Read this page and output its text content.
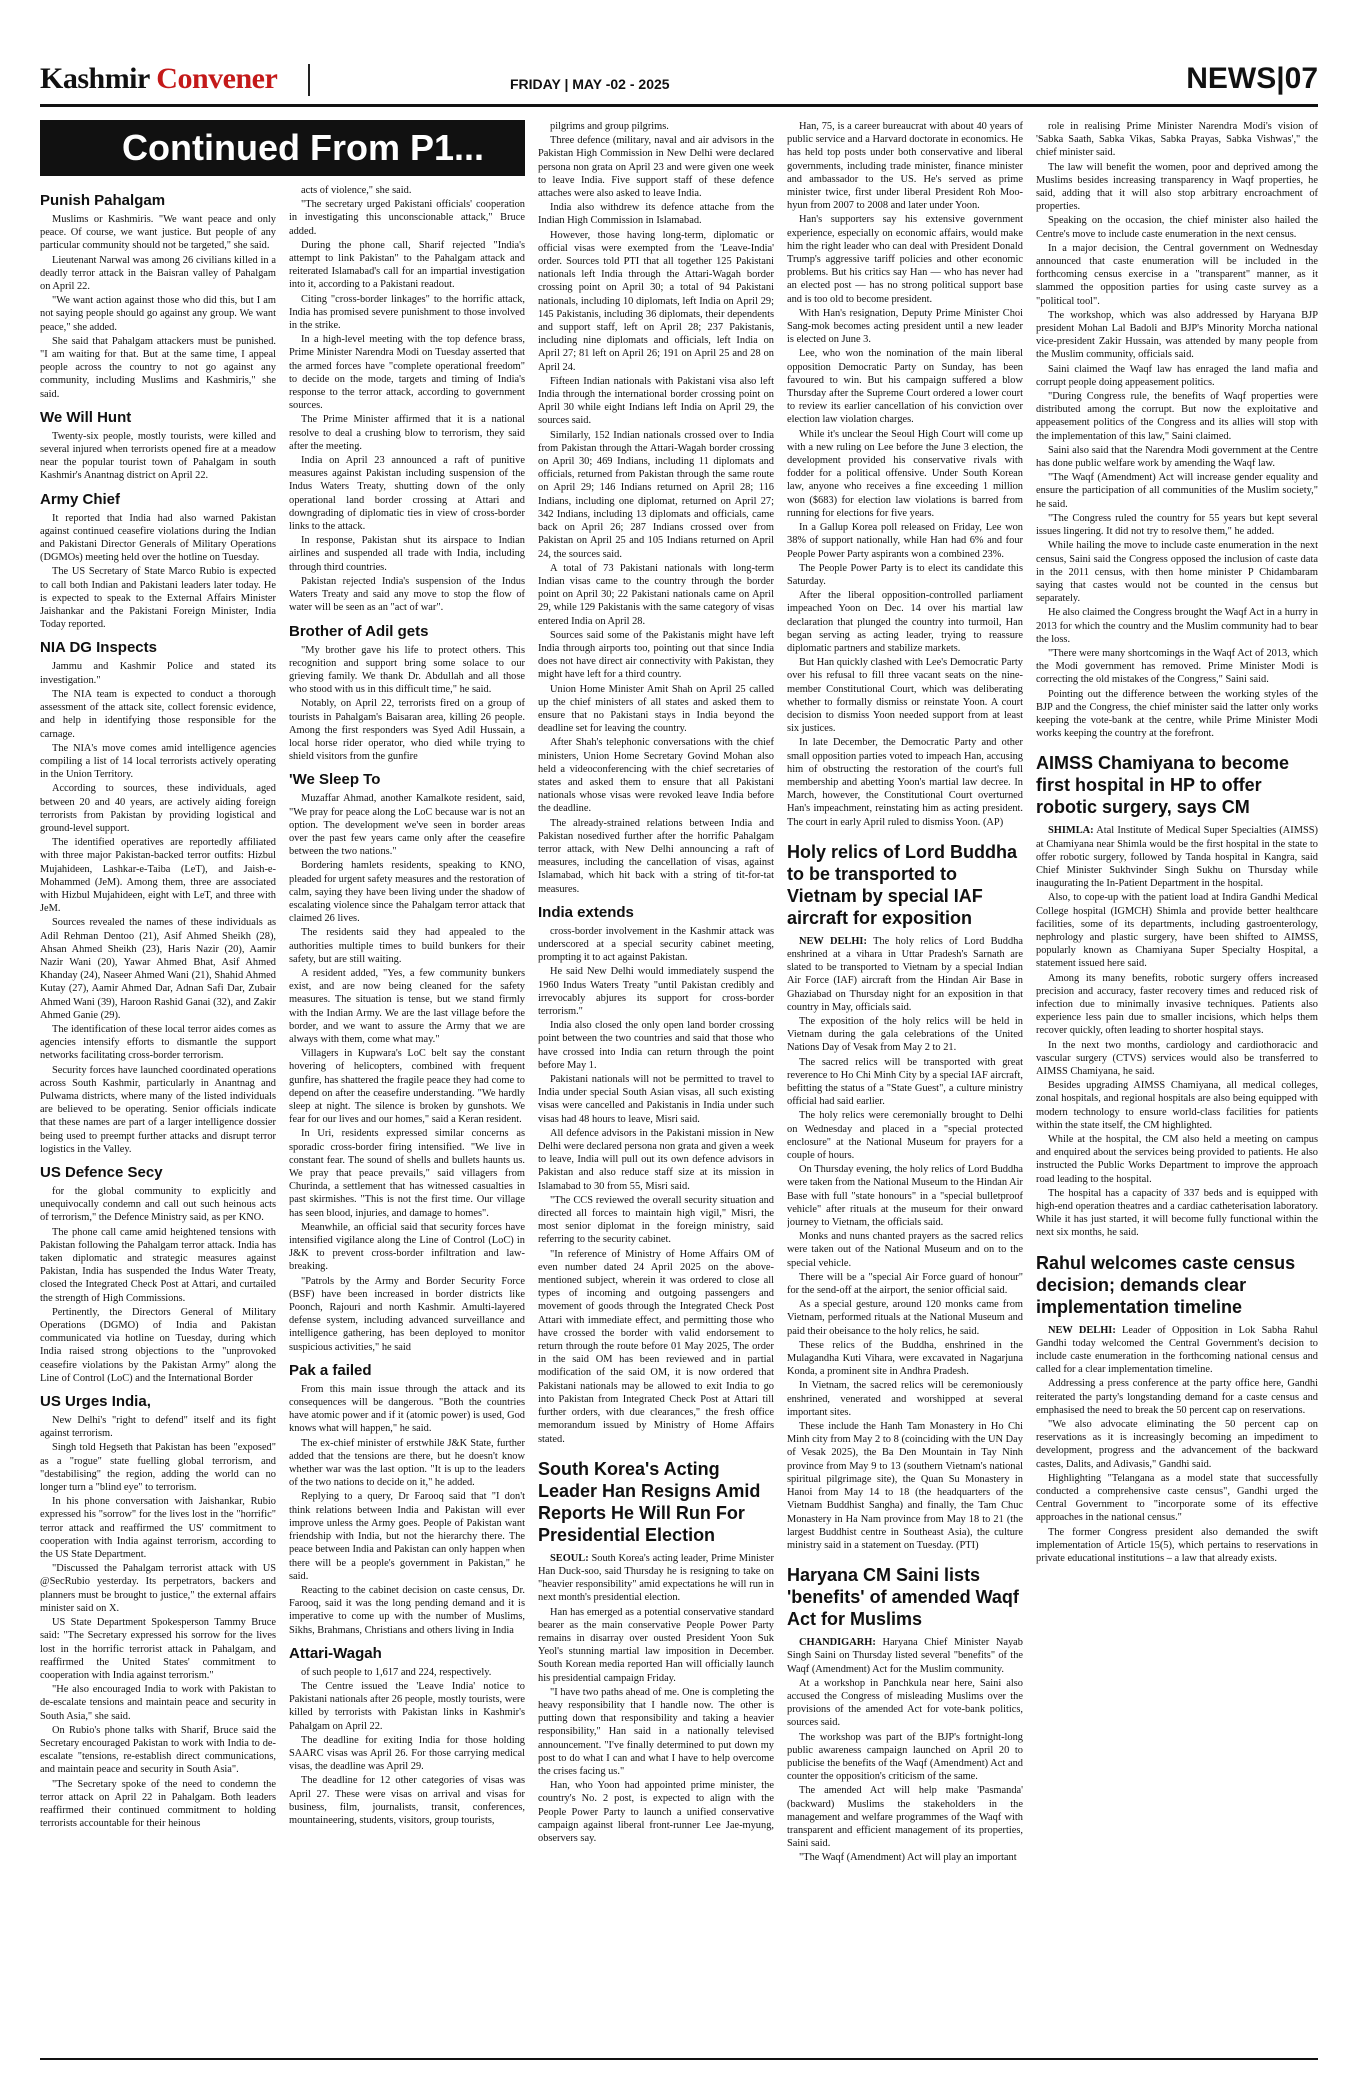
Kashmir Convener	FRIDAY | MAY -02 - 2025	NEWS|07
Continued From P1...
Punish Pahalgam

Muslims or Kashmiris. "We want peace and only peace. Of course, we want justice. But people of any particular community should not be targeted," she said.

Lieutenant Narwal was among 26 civilians killed in a deadly terror attack in the Baisran valley of Pahalgam on April 22.

"We want action against those who did this, but I am not saying people should go against any group. We want peace," she added.

She said that Pahalgam attackers must be punished. "I am waiting for that. But at the same time, I appeal people across the country to not go against any community, including Muslims and Kashmiris," she said.

We Will Hunt

Twenty-six people, mostly tourists, were killed and several injured when terrorists opened fire at a meadow near the popular tourist town of Pahalgam in south Kashmir's Anantnag district on April 22.

Army Chief

It reported that India had also warned Pakistan against continued ceasefire violations during the Indian and Pakistani Director Generals of Military Operations (DGMOs) meeting held over the hotline on Tuesday.

The US Secretary of State Marco Rubio is expected to call both Indian and Pakistani leaders later today. He is expected to speak to the External Affairs Minister Jaishankar and the Pakistani Foreign Minister, India Today reported.

NIA DG Inspects

Jammu and Kashmir Police and stated its investigation."

The NIA team is expected to conduct a thorough assessment of the attack site, collect forensic evidence, and help in identifying those responsible for the carnage.

The NIA's move comes amid intelligence agencies compiling a list of 14 local terrorists actively operating in the Union Territory.

According to sources, these individuals, aged between 20 and 40 years, are actively aiding foreign terrorists from Pakistan by providing logistical and ground-level support.

The identified operatives are reportedly affiliated with three major Pakistan-backed terror outfits: Hizbul Mujahideen, Lashkar-e-Taiba (LeT), and Jaish-e-Mohammed (JeM). Among them, three are associated with Hizbul Mujahideen, eight with LeT, and three with JeM.

Sources revealed the names of these individuals as Adil Rehman Dentoo (21), Asif Ahmed Sheikh (28), Ahsan Ahmed Sheikh (23), Haris Nazir (20), Aamir Nazir Wani (20), Yawar Ahmed Bhat, Asif Ahmed Khanday (24), Naseer Ahmed Wani (21), Shahid Ahmed Kutay (27), Aamir Ahmed Dar, Adnan Safi Dar, Zubair Ahmed Wani (39), Haroon Rashid Ganai (32), and Zakir Ahmed Ganie (29).

The identification of these local terror aides comes as agencies intensify efforts to dismantle the support networks facilitating cross-border terrorism.

Security forces have launched coordinated operations across South Kashmir, particularly in Anantnag and Pulwama districts, where many of the listed individuals are believed to be operating. Senior officials indicate that these names are part of a larger intelligence dossier being used to preempt further attacks and disrupt terror logistics in the Valley.

US Defence Secy

for the global community to explicitly and unequivocally condemn and call out such heinous acts of terrorism," the Defence Ministry said, as per KNO.

The phone call came amid heightened tensions with Pakistan following the Pahalgam terror attack. India has taken diplomatic and strategic measures against Pakistan, India has suspended the Indus Water Treaty, closed the Integrated Check Post at Attari, and curtailed the strength of High Commissions.

Pertinently, the Directors General of Military Operations (DGMO) of India and Pakistan communicated via hotline on Tuesday, during which India raised strong objections to the "unprovoked ceasefire violations by the Pakistan Army" along the Line of Control (LoC) and the International Border

US Urges India,

New Delhi's "right to defend" itself and its fight against terrorism.

Singh told Hegseth that Pakistan has been "exposed" as a "rogue" state fuelling global terrorism, and "destabilising" the region, adding the world can no longer turn a "blind eye" to terrorism.

In his phone conversation with Jaishankar, Rubio expressed his "sorrow" for the lives lost in the "horrific" terror attack and reaffirmed the US' commitment to cooperation with India against terrorism, according to the US State Department.

"Discussed the Pahalgam terrorist attack with US @SecRubio yesterday. Its perpetrators, backers and planners must be brought to justice," the external affairs minister said on X.

US State Department Spokesperson Tammy Bruce said: "The Secretary expressed his sorrow for the lives lost in the horrific terrorist attack in Pahalgam, and reaffirmed the United States' commitment to cooperation with India against terrorism."

"He also encouraged India to work with Pakistan to de-escalate tensions and maintain peace and security in South Asia," she said.

On Rubio's phone talks with Sharif, Bruce said the Secretary encouraged Pakistan to work with India to de-escalate "tensions, re-establish direct communications, and maintain peace and security in South Asia".

"The Secretary spoke of the need to condemn the terror attack on April 22 in Pahalgam. Both leaders reaffirmed their continued commitment to holding terrorists accountable for their heinous

acts of violence," she said.

"The secretary urged Pakistani officials' cooperation in investigating this unconscionable attack," Bruce added.

During the phone call, Sharif rejected "India's attempt to link Pakistan" to the Pahalgam attack and reiterated Islamabad's call for an impartial investigation into it, according to a Pakistani readout.

Citing "cross-border linkages" to the horrific attack, India has promised severe punishment to those involved in the strike.

In a high-level meeting with the top defence brass, Prime Minister Narendra Modi on Tuesday asserted that the armed forces have "complete operational freedom" to decide on the mode, targets and timing of India's response to the terror attack, according to government sources.

The Prime Minister affirmed that it is a national resolve to deal a crushing blow to terrorism, they said after the meeting.

India on April 23 announced a raft of punitive measures against Pakistan including suspension of the Indus Waters Treaty, shutting down of the only operational land border crossing at Attari and downgrading of diplomatic ties in view of cross-border links to the attack.

In response, Pakistan shut its airspace to Indian airlines and suspended all trade with India, including through third countries.

Pakistan rejected India's suspension of the Indus Waters Treaty and said any move to stop the flow of water will be seen as an "act of war".

Brother of Adil gets

"My brother gave his life to protect others. This recognition and support bring some solace to our grieving family. We thank Dr. Abdullah and all those who stood with us in this difficult time," he said.

Notably, on April 22, terrorists fired on a group of tourists in Pahalgam's Baisaran area, killing 26 people. Among the first responders was Syed Adil Hussain, a local horse rider operator, who died while trying to shield visitors from the gunfire

'We Sleep To

Muzaffar Ahmad, another Kamalkote resident, said, "We pray for peace along the LoC because war is not an option. The development we've seen in border areas over the past few years came only after the ceasefire between the two nations."

Bordering hamlets residents, speaking to KNO, pleaded for urgent safety measures and the restoration of calm, saying they have been living under the shadow of escalating violence since the Pahalgam terror attack that claimed 26 lives.

The residents said they had appealed to the authorities multiple times to build bunkers for their safety, but are still waiting.

A resident added, "Yes, a few community bunkers exist, and are now being cleaned for the safety measures. The situation is tense, but we stand firmly with the Indian Army. We are the last village before the border, and we want to assure the Army that we are always with them, come what may."

Villagers in Kupwara's LoC belt say the constant hovering of helicopters, combined with frequent gunfire, has shattered the fragile peace they had come to depend on after the ceasefire understanding. "We hardly sleep at night. The silence is broken by gunshots. We fear for our lives and our homes," said a Keran resident.

In Uri, residents expressed similar concerns as sporadic cross-border firing intensified. "We live in constant fear. The sound of shells and bullets haunts us. We pray that peace prevails," said villagers from Churinda, a settlement that has witnessed casualties in past skirmishes. "This is not the first time. Our village has seen blood, injuries, and damage to homes".

Meanwhile, an official said that security forces have intensified vigilance along the Line of Control (LoC) in J&K to prevent cross-border infiltration and law-breaking.

"Patrols by the Army and Border Security Force (BSF) have been increased in border districts like Poonch, Rajouri and north Kashmir. Amulti-layered defense system, including advanced surveillance and intelligence gathering, has been deployed to monitor suspicious activities," he said

Pak a failed

From this main issue through the attack and its consequences will be dangerous. "Both the countries have atomic power and if it (atomic power) is used, God knows what will happen," he said.

The ex-chief minister of erstwhile J&K State, further added that the tensions are there, but he doesn't know whether war was the last option. "It is up to the leaders of the two nations to decide on it," he added.

Replying to a query, Dr Farooq said that "I don't think relations between India and Pakistan will ever improve unless the Army goes. People of Pakistan want friendship with India, but not the hierarchy there. The peace between India and Pakistan can only happen when there will be a people's government in Pakistan," he said.

Reacting to the cabinet decision on caste census, Dr. Farooq, said it was the long pending demand and it is imperative to come up with the number of Muslims, Sikhs, Brahmans, Christians and others living in India

Attari-Wagah

of such people to 1,617 and 224, respectively.

The Centre issued the 'Leave India' notice to Pakistani nationals after 26 people, mostly tourists, were killed by terrorists with Pakistan links in Kashmir's Pahalgam on April 22.

The deadline for exiting India for those holding SAARC visas was April 26. For those carrying medical visas, the deadline was April 29.

The deadline for 12 other categories of visas was April 27. These were visas on arrival and visas for business, film, journalists, transit, conferences, mountaineering, students, visitors, group tourists,

pilgrims and group pilgrims.

Three defence (military, naval and air advisors in the Pakistan High Commission in New Delhi were declared persona non grata on April 23 and were given one week to leave India. Five support staff of these defence attaches were also asked to leave India.

India also withdrew its defence attache from the Indian High Commission in Islamabad.

However, those having long-term, diplomatic or official visas were exempted from the 'Leave-India' order. Sources told PTI that all together 125 Pakistani nationals left India through the Attari-Wagah border crossing point on April 30; a total of 94 Pakistani nationals, including 10 diplomats, left India on April 29; 145 Pakistanis, including 36 diplomats, their dependents and support staff, left on April 28; 237 Pakistanis, including nine diplomats and officials, left India on April 27; 81 left on April 26; 191 on April 25 and 28 on April 24.

Fifteen Indian nationals with Pakistani visa also left India through the international border crossing point on April 30 while eight Indians left India on April 29, the sources said.

Similarly, 152 Indian nationals crossed over to India from Pakistan through the Attari-Wagah border crossing on April 30; 469 Indians, including 11 diplomats and officials, returned from Pakistan through the same route on April 29; 146 Indians returned on April 28; 116 Indians, including one diplomat, returned on April 27; 342 Indians, including 13 diplomats and officials, came back on April 26; 287 Indians crossed over from Pakistan on April 25 and 105 Indians returned on April 24, the sources said.

A total of 73 Pakistani nationals with long-term Indian visas came to the country through the border point on April 30; 22 Pakistani nationals came on April 29, while 129 Pakistanis with the same category of visas entered India on April 28.

Sources said some of the Pakistanis might have left India through airports too, pointing out that since India does not have direct air connectivity with Pakistan, they might have left for a third country.

Union Home Minister Amit Shah on April 25 called up the chief ministers of all states and asked them to ensure that no Pakistani stays in India beyond the deadline set for leaving the country.

After Shah's telephonic conversations with the chief ministers, Union Home Secretary Govind Mohan also held a videoconferencing with the chief secretaries of states and asked them to ensure that all Pakistani nationals whose visas were revoked leave India before the deadline.

The already-strained relations between India and Pakistan nosedived further after the horrific Pahalgam terror attack, with New Delhi announcing a raft of measures, including the cancellation of visas, against Islamabad, which hit back with a string of tit-for-tat measures.

India extends

cross-border involvement in the Kashmir attack was underscored at a special security cabinet meeting, prompting it to act against Pakistan.

He said New Delhi would immediately suspend the 1960 Indus Waters Treaty "until Pakistan credibly and irrevocably abjures its support for cross-border terrorism."

India also closed the only open land border crossing point between the two countries and said that those who have crossed into India can return through the point before May 1.

Pakistani nationals will not be permitted to travel to India under special South Asian visas, all such existing visas were cancelled and Pakistanis in India under such visas had 48 hours to leave, Misri said.

All defence advisors in the Pakistani mission in New Delhi were declared persona non grata and given a week to leave, India will pull out its own defence advisors in Pakistan and also reduce staff size at its mission in Islamabad to 30 from 55, Misri said.

"The CCS reviewed the overall security situation and directed all forces to maintain high vigil," Misri, the most senior diplomat in the foreign ministry, said referring to the security cabinet.

"In reference of Ministry of Home Affairs OM of even number dated 24 April 2025 on the above-mentioned subject, wherein it was ordered to close all types of incoming and outgoing passengers and movement of goods through the Integrated Check Post Attari with immediate effect, and permitting those who have crossed the border with valid endorsement to return through the route before 01 May 2025, The order in the said OM has been reviewed and in partial modification of the said OM, it is now ordered that Pakistani nationals may be allowed to exit India to go into Pakistan from Integrated Check Post at Attari till further orders, with due clearances," the fresh office memorandum issued by Ministry of Home Affairs stated.

South Korea's Acting Leader Han Resigns Amid Reports He Will Run For Presidential Election

SEOUL: South Korea's acting leader, Prime Minister Han Duck-soo, said Thursday he is resigning to take on "heavier responsibility" amid expectations he will run in next month's presidential election.

Han has emerged as a potential conservative standard bearer as the main conservative People Power Party remains in disarray over ousted President Yoon Suk Yeol's stunning martial law imposition in December. South Korean media reported Han will officially launch his presidential campaign Friday.

"I have two paths ahead of me. One is completing the heavy responsibility that I handle now. The other is putting down that responsibility and taking a heavier responsibility," Han said in a nationally televised announcement. "I've finally determined to put down my post to do what I can and what I have to help overcome the crises facing us."

Han, who Yoon had appointed prime minister, the country's No. 2 post, is expected to align with the People Power Party to launch a unified conservative campaign against liberal front-runner Lee Jae-myung, observers say.

Han, 75, is a career bureaucrat with about 40 years of public service and a Harvard doctorate in economics. He has held top posts under both conservative and liberal governments, including trade minister, finance minister and ambassador to the US. He's served as prime minister twice, first under liberal President Roh Moo-hyun from 2007 to 2008 and later under Yoon.

Han's supporters say his extensive government experience, especially on economic affairs, would make him the right leader who can deal with President Donald Trump's aggressive tariff policies and other economic problems. But his critics say Han — who has never had an elected post — has no strong political support base and is too old to become president.

With Han's resignation, Deputy Prime Minister Choi Sang-mok becomes acting president until a new leader is elected on June 3.

Lee, who won the nomination of the main liberal opposition Democratic Party on Sunday, has been favoured to win. But his campaign suffered a blow Thursday after the Supreme Court ordered a lower court to review its earlier cancellation of his conviction over election law violation charges.

While it's unclear the Seoul High Court will come up with a new ruling on Lee before the June 3 election, the development provided his conservative rivals with fodder for a political offensive. Under South Korean law, anyone who receives a fine exceeding 1 million won ($683) for election law violations is barred from running for elections for five years.

In a Gallup Korea poll released on Friday, Lee won 38% of support nationally, while Han had 6% and four People Power Party aspirants won a combined 23%.

The People Power Party is to elect its candidate this Saturday.

After the liberal opposition-controlled parliament impeached Yoon on Dec. 14 over his martial law declaration that plunged the country into turmoil, Han began serving as acting leader, trying to reassure diplomatic partners and stabilize markets.

But Han quickly clashed with Lee's Democratic Party over his refusal to fill three vacant seats on the nine-member Constitutional Court, which was deliberating whether to formally dismiss or reinstate Yoon. A court decision to dismiss Yoon needed support from at least six justices.

In late December, the Democratic Party and other small opposition parties voted to impeach Han, accusing him of obstructing the restoration of the court's full membership and abetting Yoon's martial law decree. In March, however, the Constitutional Court overturned Han's impeachment, reinstating him as acting president. The court in early April ruled to dismiss Yoon. (AP)

Holy relics of Lord Buddha to be transported to Vietnam by special IAF aircraft for exposition

NEW DELHI: The holy relics of Lord Buddha enshrined at a vihara in Uttar Pradesh's Sarnath are slated to be transported to Vietnam by a special Indian Air Force (IAF) aircraft from the Hindan Air Base in Ghaziabad on Thursday night for an exposition in that country in May, officials said.

The exposition of the holy relics will be held in Vietnam during the gala celebrations of the United Nations Day of Vesak from May 2 to 21.

The sacred relics will be transported with great reverence to Ho Chi Minh City by a special IAF aircraft, befitting the status of a "State Guest", a culture ministry official had said earlier.

The holy relics were ceremonially brought to Delhi on Wednesday and placed in a "special protected enclosure" at the National Museum for prayers for a couple of hours.

On Thursday evening, the holy relics of Lord Buddha were taken from the National Museum to the Hindan Air Base with full "state honours" in a "special bulletproof vehicle" after rituals at the museum for their onward journey to Vietnam, the officials said.

Monks and nuns chanted prayers as the sacred relics were taken out of the National Museum and on to the special vehicle.

There will be a "special Air Force guard of honour" for the send-off at the airport, the senior official said.

As a special gesture, around 120 monks came from Vietnam, performed rituals at the National Museum and paid their obeisance to the holy relics, he said.

These relics of the Buddha, enshrined in the Mulagandha Kuti Vihara, were excavated in Nagarjuna Konda, a prominent site in Andhra Pradesh.

In Vietnam, the sacred relics will be ceremoniously enshrined, venerated and worshipped at several important sites.

These include the Hanh Tam Monastery in Ho Chi Minh city from May 2 to 8 (coinciding with the UN Day of Vesak 2025), the Ba Den Mountain in Tay Ninh province from May 9 to 13 (southern Vietnam's national spiritual pilgrimage site), the Quan Su Monastery in Hanoi from May 14 to 18 (the headquarters of the Vietnam Buddhist Sangha) and finally, the Tam Chuc Monastery in Ha Nam province from May 18 to 21 (the largest Buddhist centre in Southeast Asia), the culture ministry said in a statement on Tuesday. (PTI)

Haryana CM Saini lists 'benefits' of amended Waqf Act for Muslims

CHANDIGARH: Haryana Chief Minister Nayab Singh Saini on Thursday listed several "benefits" of the Waqf (Amendment) Act for the Muslim community.

At a workshop in Panchkula near here, Saini also accused the Congress of misleading Muslims over the provisions of the amended Act for vote-bank politics, sources said.

The workshop was part of the BJP's fortnight-long public awareness campaign launched on April 20 to publicise the benefits of the Waqf (Amendment) Act and counter the opposition's criticism of the same.

The amended Act will help make 'Pasmanda' (backward) Muslims the stakeholders in the management and welfare programmes of the Waqf with transparent and efficient management of its properties, Saini said.

"The Waqf (Amendment) Act will play an important

role in realising Prime Minister Narendra Modi's vision of 'Sabka Saath, Sabka Vikas, Sabka Prayas, Sabka Vishwas'," the chief minister said.

The law will benefit the women, poor and deprived among the Muslims besides increasing transparency in Waqf properties, he said, adding that it will also stop arbitrary encroachment of properties.

Speaking on the occasion, the chief minister also hailed the Centre's move to include caste enumeration in the next census.

In a major decision, the Central government on Wednesday announced that caste enumeration will be included in the forthcoming census exercise in a "transparent" manner, as it slammed the opposition parties for using caste survey as a "political tool".

The workshop, which was also addressed by Haryana BJP president Mohan Lal Badoli and BJP's Minority Morcha national vice-president Zakir Hussain, was attended by many people from the Muslim community, officials said.

Saini claimed the Waqf law has enraged the land mafia and corrupt people doing appeasement politics.

"During Congress rule, the benefits of Waqf properties were distributed among the corrupt. But now the exploitative and appeasement politics of the Congress and its allies will stop with the implementation of this law," Saini claimed.

Saini also said that the Narendra Modi government at the Centre has done public welfare work by amending the Waqf law.

"The Waqf (Amendment) Act will increase gender equality and ensure the participation of all communities of the Muslim society," he said.

"The Congress ruled the country for 55 years but kept several issues lingering. It did not try to resolve them," he added.

While hailing the move to include caste enumeration in the next census, Saini said the Congress opposed the inclusion of caste data in the 2011 census, with then home minister P Chidambaram saying that castes would not be counted in the census but separately.

He also claimed the Congress brought the Waqf Act in a hurry in 2013 for which the country and the Muslim community had to bear the loss.

"There were many shortcomings in the Waqf Act of 2013, which the Modi government has removed. Prime Minister Modi is correcting the old mistakes of the Congress," Saini said.

Pointing out the difference between the working styles of the BJP and the Congress, the chief minister said the latter only works keeping the vote-bank at the centre, while Prime Minister Modi works keeping the country at the forefront.

AIMSS Chamiyana to become first hospital in HP to offer robotic surgery, says CM

SHIMLA: Atal Institute of Medical Super Specialties (AIMSS) at Chamiyana near Shimla would be the first hospital in the state to offer robotic surgery, followed by Tanda hospital in Kangra, said Chief Minister Sukhvinder Singh Sukhu on Thursday while inaugurating the In-Patient Department in the hospital.

Also, to cope-up with the patient load at Indira Gandhi Medical College hospital (IGMCH) Shimla and provide better healthcare facilities, some of its departments, including gastroenterology, nephrology and plastic surgery, have been shifted to AIMSS, popularly known as Chamiyana Super Specialty Hospital, a statement issued here said.

Among its many benefits, robotic surgery offers increased precision and accuracy, faster recovery times and reduced risk of infection due to minimally invasive techniques. Patients also experience less pain due to smaller incisions, which helps them recover quickly, often leading to shorter hospital stays.

In the next two months, cardiology and cardiothoracic and vascular surgery (CTVS) services would also be transferred to AIMSS Chamiyana, he said.

Besides upgrading AIMSS Chamiyana, all medical colleges, zonal hospitals, and regional hospitals are also being equipped with modern technology to ensure world-class facilities for patients within the state itself, the CM highlighted.

While at the hospital, the CM also held a meeting on campus and enquired about the services being provided to patients. He also instructed the Public Works Department to improve the approach road leading to the hospital.

The hospital has a capacity of 337 beds and is equipped with high-end operation theatres and a cardiac catheterisation laboratory. While it has just started, it will become fully functional within the next six months, he said.

Rahul welcomes caste census decision; demands clear implementation timeline

NEW DELHI: Leader of Opposition in Lok Sabha Rahul Gandhi today welcomed the Central Government's decision to include caste enumeration in the forthcoming national census and called for a clear implementation timeline.

Addressing a press conference at the party office here, Gandhi reiterated the party's longstanding demand for a caste census and emphasised the need to break the 50 percent cap on reservations.

"We also advocate eliminating the 50 percent cap on reservations as it is increasingly becoming an impediment to development, progress and the advancement of the backward castes, Dalits, and Adivasis," Gandhi said.

Highlighting "Telangana as a model state that successfully conducted a comprehensive caste census", Gandhi urged the Central Government to "incorporate some of its effective approaches in the national census."

The former Congress president also demanded the swift implementation of Article 15(5), which pertains to reservations in private educational institutions – a law that already exists.
